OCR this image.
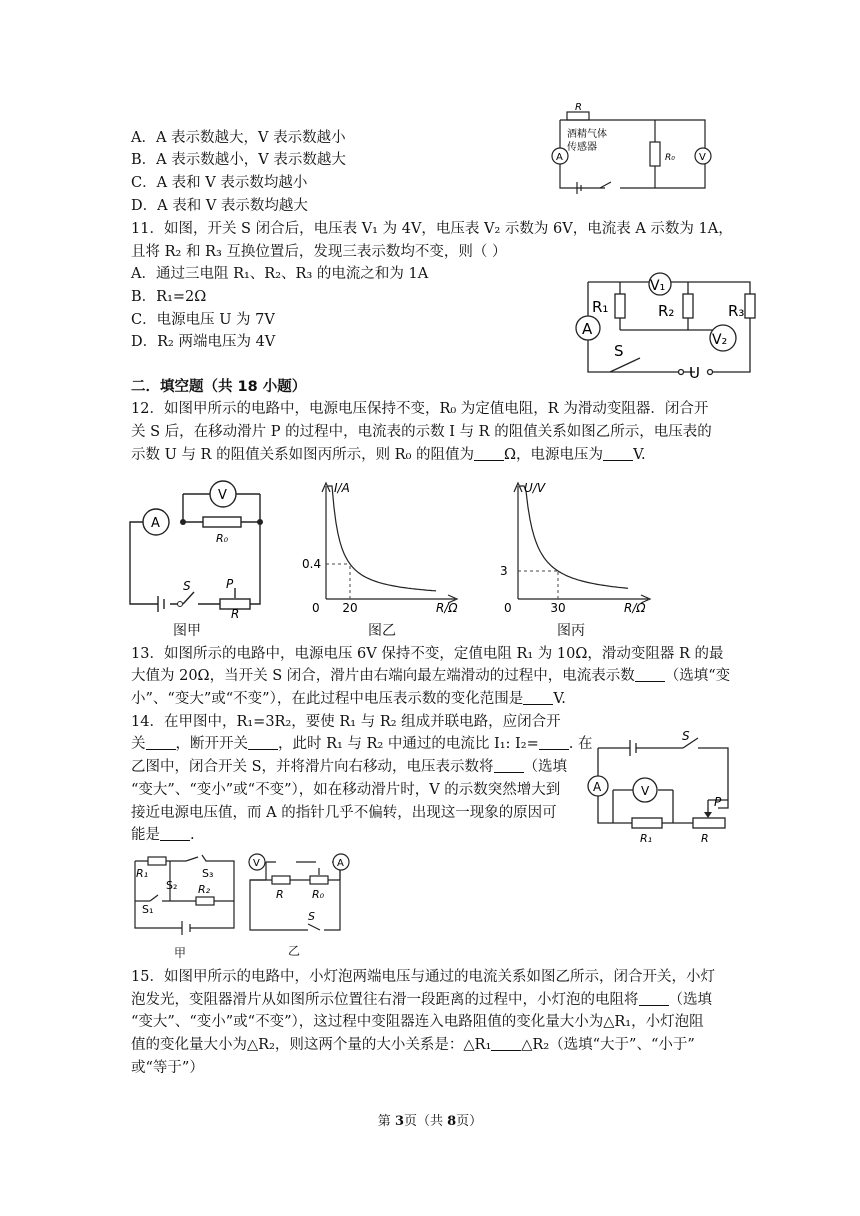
A．A 表示数越大，V 表示数越小
B．A 表示数越小，V 表示数越大
C．A 表和 V 表示数均越小
D．A 表和 V 表示数均越大
R
酒精气体
传感器
R₀
A	V
11．如图，开关 S 闭合后，电压表 V₁ 为 4V，电压表 V₂ 示数为 6V，电流表 A 示数为 1A，
且将 R₂ 和 R₃ 互换位置后，发现三表示数均不变，则（ ）
A．通过三电阻 R₁、R₂、R₃ 的电流之和为 1A
B．R₁=2Ω
C．电源电压 U 为 7V
D．R₂ 两端电压为 4V
R₁	R₂	R₃
V₁
V₂
A
S
U
二．填空题（共 18 小题）
12．如图甲所示的电路中，电源电压保持不变，R₀ 为定值电阻，R 为滑动变阻器．闭合开
关 S 后，在移动滑片 P 的过程中，电流表的示数 I 与 R 的阻值关系如图乙所示，电压表的
示数 U 与 R 的阻值关系如图丙所示，则 R₀ 的阻值为 Ω，电源电压为 V.
V
A
R₀
S	P
R
图甲
I/A
R/Ω
0 20
0.4
图乙
U/V
R/Ω
0	30
3
图丙
13．如图所示的电路中，电源电压 6V 保持不变，定值电阻 R₁ 为 10Ω，滑动变阻器 R 的最
大值为 20Ω，当开关 S 闭合，滑片由右端向最左端滑动的过程中，电流表示数 （选填“变
小”、“变大”或“不变”），在此过程中电压表示数的变化范围是 V.
14．在甲图中，R₁=3R₂，要使 R₁ 与 R₂ 组成并联电路，应闭合开
关 ，断开开关 ，此时 R₁ 与 R₂ 中通过的电流比 I₁: I₂= . 在
乙图中，闭合开关 S，并将滑片向右移动，电压表示数将 （选填
“变大”、“变小”或“不变”），如在移动滑片时，V 的示数突然增大到
接近电源电压值，而 A 的指针几乎不偏转，出现这一现象的原因可
能是 .
S
A	V
P
R₁	R
R₁
S₂
S₃
R₂
S₁
甲
V	A
R	R₀
S
乙
15．如图甲所示的电路中，小灯泡两端电压与通过的电流关系如图乙所示，闭合开关，小灯
泡发光，变阻器滑片从如图所示位置往右滑一段距离的过程中，小灯泡的电阻将 （选填
“变大”、“变小”或“不变”），这过程中变阻器连入电路阻值的变化量大小为△R₁，小灯泡阻
值的变化量大小为△R₂，则这两个量的大小关系是：△R₁ △R₂（选填“大于”、“小于”
或“等于”）
第 3页（共 8页）
